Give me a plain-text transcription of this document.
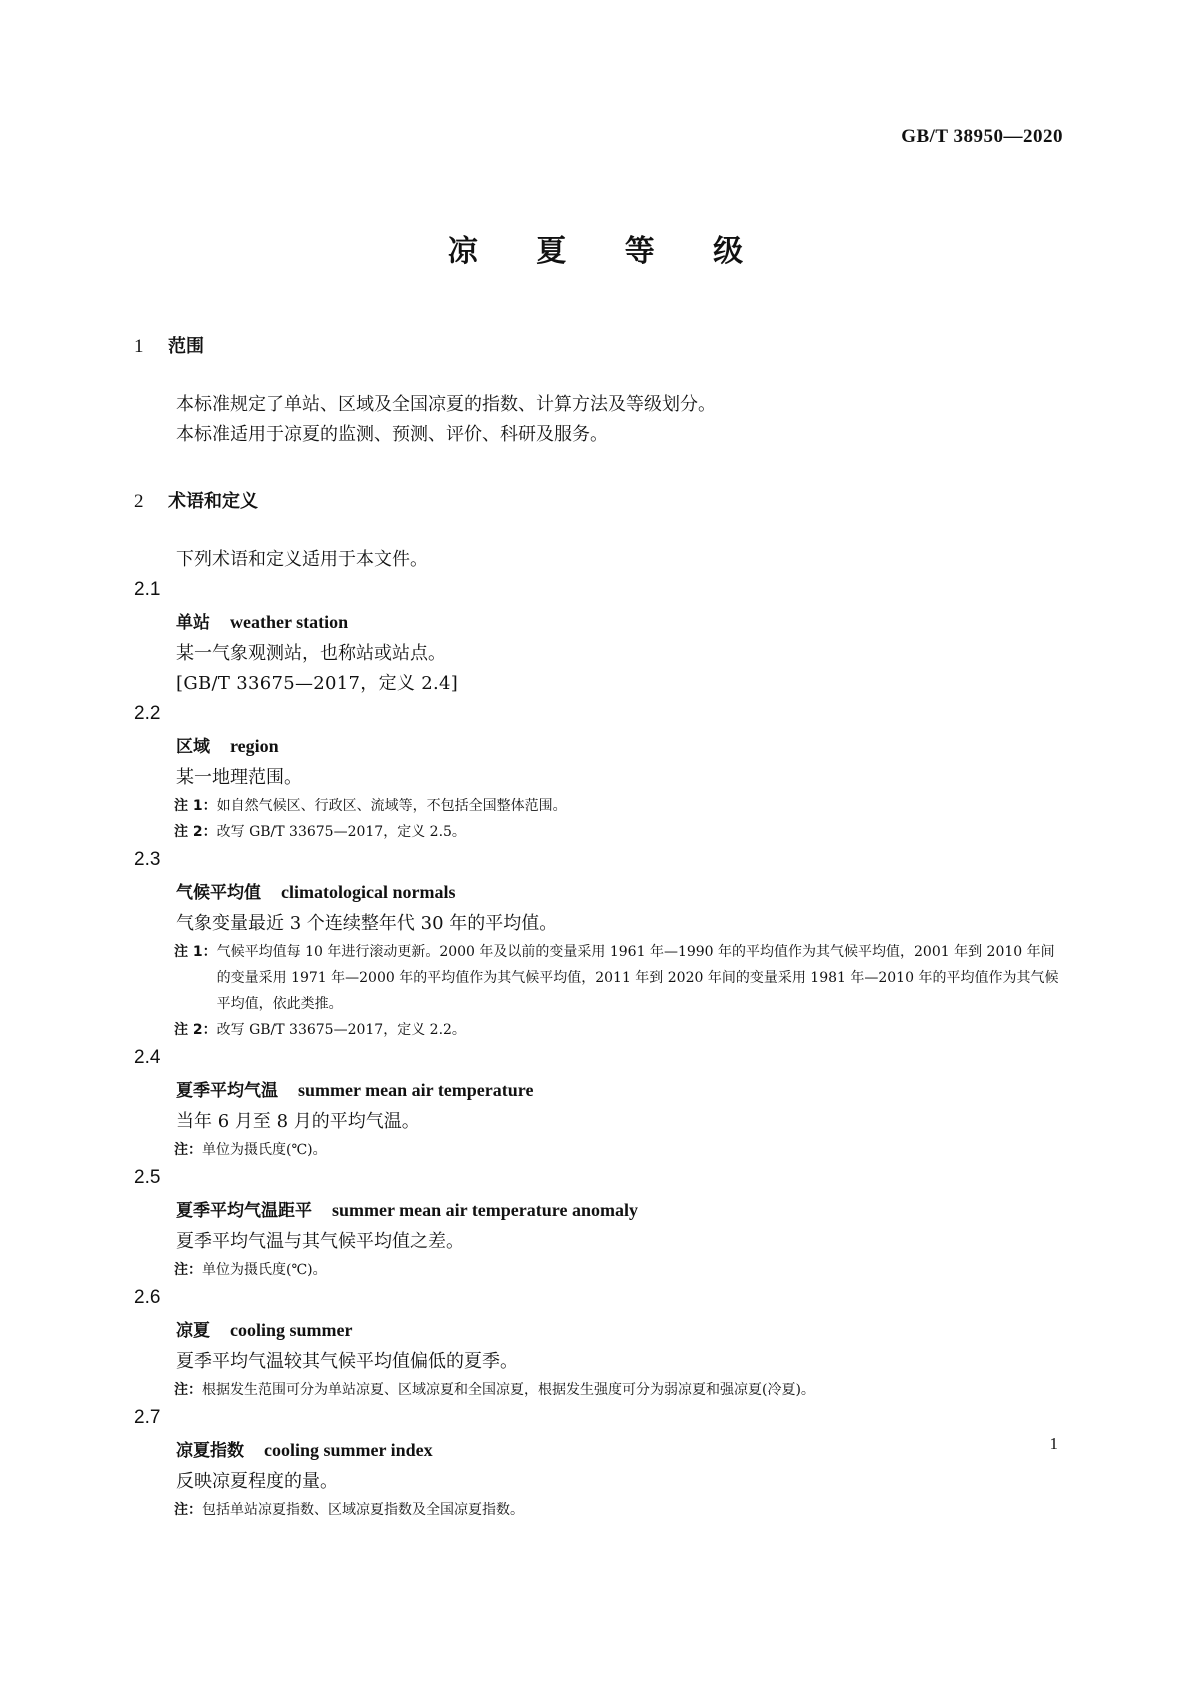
GB/T 38950—2020
凉 夏 等 级
1 范围
本标准规定了单站、区域及全国凉夏的指数、计算方法及等级划分。
本标准适用于凉夏的监测、预测、评价、科研及服务。
2 术语和定义
下列术语和定义适用于本文件。
2.1
单站 weather station
某一气象观测站，也称站或站点。
[GB/T 33675—2017，定义 2.4]
2.2
区域 region
某一地理范围。
注 1： 如自然气候区、行政区、流域等，不包括全国整体范围。
注 2： 改写 GB/T 33675—2017，定义 2.5。
2.3
气候平均值 climatological normals
气象变量最近 3 个连续整年代 30 年的平均值。
注 1： 气候平均值每 10 年进行滚动更新。2000 年及以前的变量采用 1961 年—1990 年的平均值作为其气候平均值，2001 年到 2010 年间的变量采用 1971 年—2000 年的平均值作为其气候平均值，2011 年到 2020 年间的变量采用 1981 年—2010 年的平均值作为其气候平均值，依此类推。
注 2： 改写 GB/T 33675—2017，定义 2.2。
2.4
夏季平均气温 summer mean air temperature
当年 6 月至 8 月的平均气温。
注： 单位为摄氏度(℃)。
2.5
夏季平均气温距平 summer mean air temperature anomaly
夏季平均气温与其气候平均值之差。
注： 单位为摄氏度(℃)。
2.6
凉夏 cooling summer
夏季平均气温较其气候平均值偏低的夏季。
注： 根据发生范围可分为单站凉夏、区域凉夏和全国凉夏，根据发生强度可分为弱凉夏和强凉夏(冷夏)。
2.7
凉夏指数 cooling summer index
反映凉夏程度的量。
注： 包括单站凉夏指数、区域凉夏指数及全国凉夏指数。
1
